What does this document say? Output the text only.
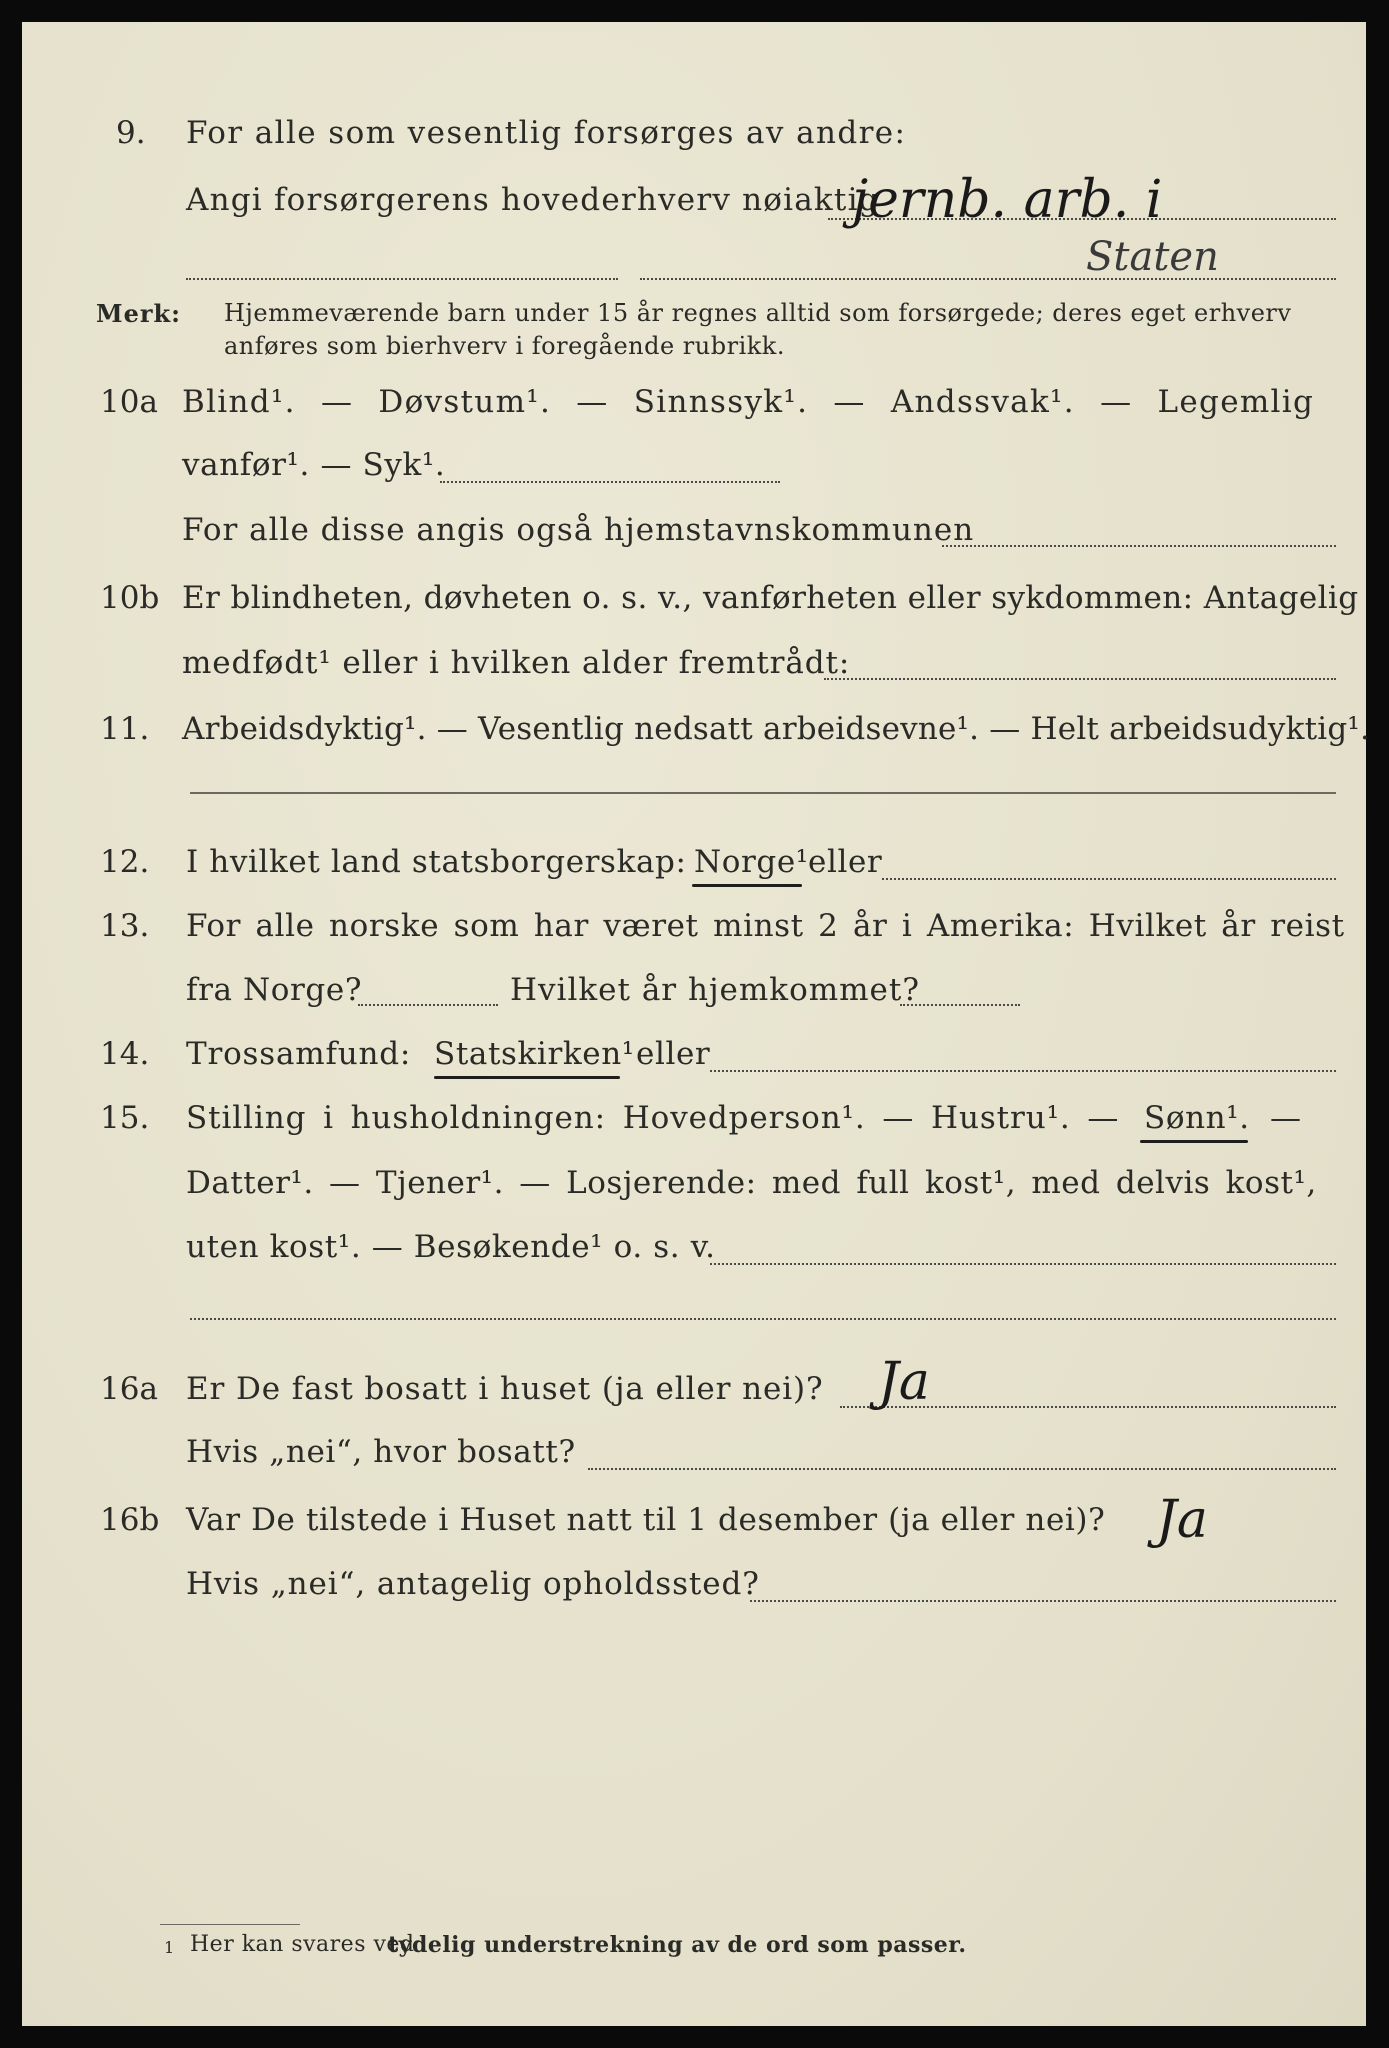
9. For alle som vesentlig forsørges av andre:
Angi forsørgerens hovederhverv nøiaktig
jernb. arb. i
Staten
Merk: Hjemmeværende barn under 15 år regnes alltid som forsørgede; deres eget erhverv
anføres som bierhverv i foregående rubrikk.
10a Blind¹. — Døvstum¹. — Sinnssyk¹. — Andssvak¹. — Legemlig
vanfør¹. — Syk¹.
For alle disse angis også hjemstavnskommunen
10b Er blindheten, døvheten o. s. v., vanførheten eller sykdommen: Antagelig
medfødt¹ eller i hvilken alder fremtrådt:
11. Arbeidsdyktig¹. — Vesentlig nedsatt arbeidsevne¹. — Helt arbeidsudyktig¹.
12. I hvilket land statsborgerskap: Norge¹ eller
13. For alle norske som har været minst 2 år i Amerika: Hvilket år reist
fra Norge?	Hvilket år hjemkommet?
14. Trossamfund: Statskirken¹ eller
15. Stilling i husholdningen: Hovedperson¹. — Hustru¹. — Sønn¹. —
Datter¹. — Tjener¹. — Losjerende: med full kost¹, med delvis kost¹,
uten kost¹. — Besøkende¹ o. s. v.
16a Er De fast bosatt i huset (ja eller nei)? Ja
Hvis „nei“, hvor bosatt?
16b Var De tilstede i Huset natt til 1 desember (ja eller nei)? Ja
Hvis „nei“, antagelig opholdssted?
1 Her kan svares ved
tydelig understrekning av de ord som passer.
